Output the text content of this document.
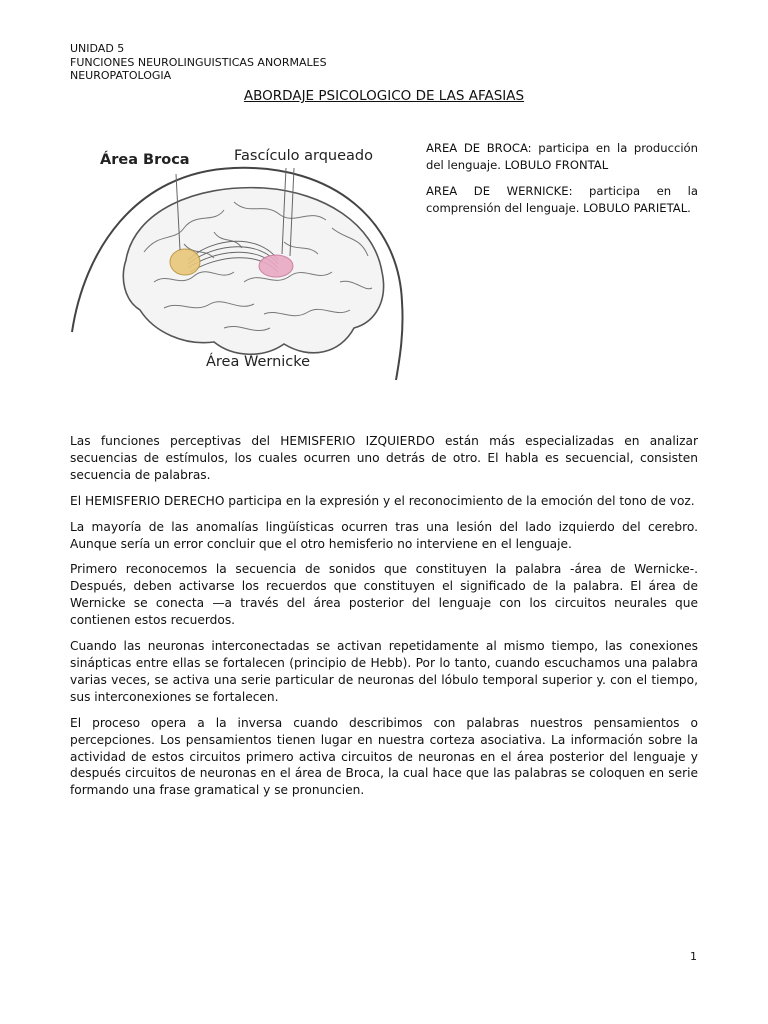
UNIDAD 5
FUNCIONES NEUROLINGUISTICAS ANORMALES
NEUROPATOLOGIA
ABORDAJE PSICOLOGICO DE LAS AFASIAS
Área Broca	Fascículo arqueado
Área Wernicke

AREA DE BROCA: participa en la producción del lenguaje. LOBULO FRONTAL

AREA DE WERNICKE: participa en la comprensión del lenguaje. LOBULO PARIETAL.

Las funciones perceptivas del HEMISFERIO IZQUIERDO están más especializadas en analizar secuencias de estímulos, los cuales ocurren uno detrás de otro. El habla es secuencial, consisten secuencia de palabras.

El HEMISFERIO DERECHO participa en la expresión y el reconocimiento de la emoción del tono de voz.

La mayoría de las anomalías lingüísticas ocurren tras una lesión del lado izquierdo del cerebro. Aunque sería un error concluir que el otro hemisferio no interviene en el lenguaje.

Primero reconocemos la secuencia de sonidos que constituyen la palabra -área de Wernicke-. Después, deben activarse los recuerdos que constituyen el significado de la palabra. El área de Wernicke se conecta —a través del área posterior del lenguaje con los circuitos neurales que contienen estos recuerdos.

Cuando las neuronas interconectadas se activan repetidamente al mismo tiempo, las conexiones sinápticas entre ellas se fortalecen (principio de Hebb). Por lo tanto, cuando escuchamos una palabra varias veces, se activa una serie particular de neuronas del lóbulo temporal superior y. con el tiempo, sus interconexiones se fortalecen.

El proceso opera a la inversa cuando describimos con palabras nuestros pensamientos o percepciones. Los pensamientos tienen lugar en nuestra corteza asociativa. La información sobre la actividad de estos circuitos primero activa circuitos de neuronas en el área posterior del lenguaje y después circuitos de neuronas en el área de Broca, la cual hace que las palabras se coloquen en serie formando una frase gramatical y se pronuncien.

1
